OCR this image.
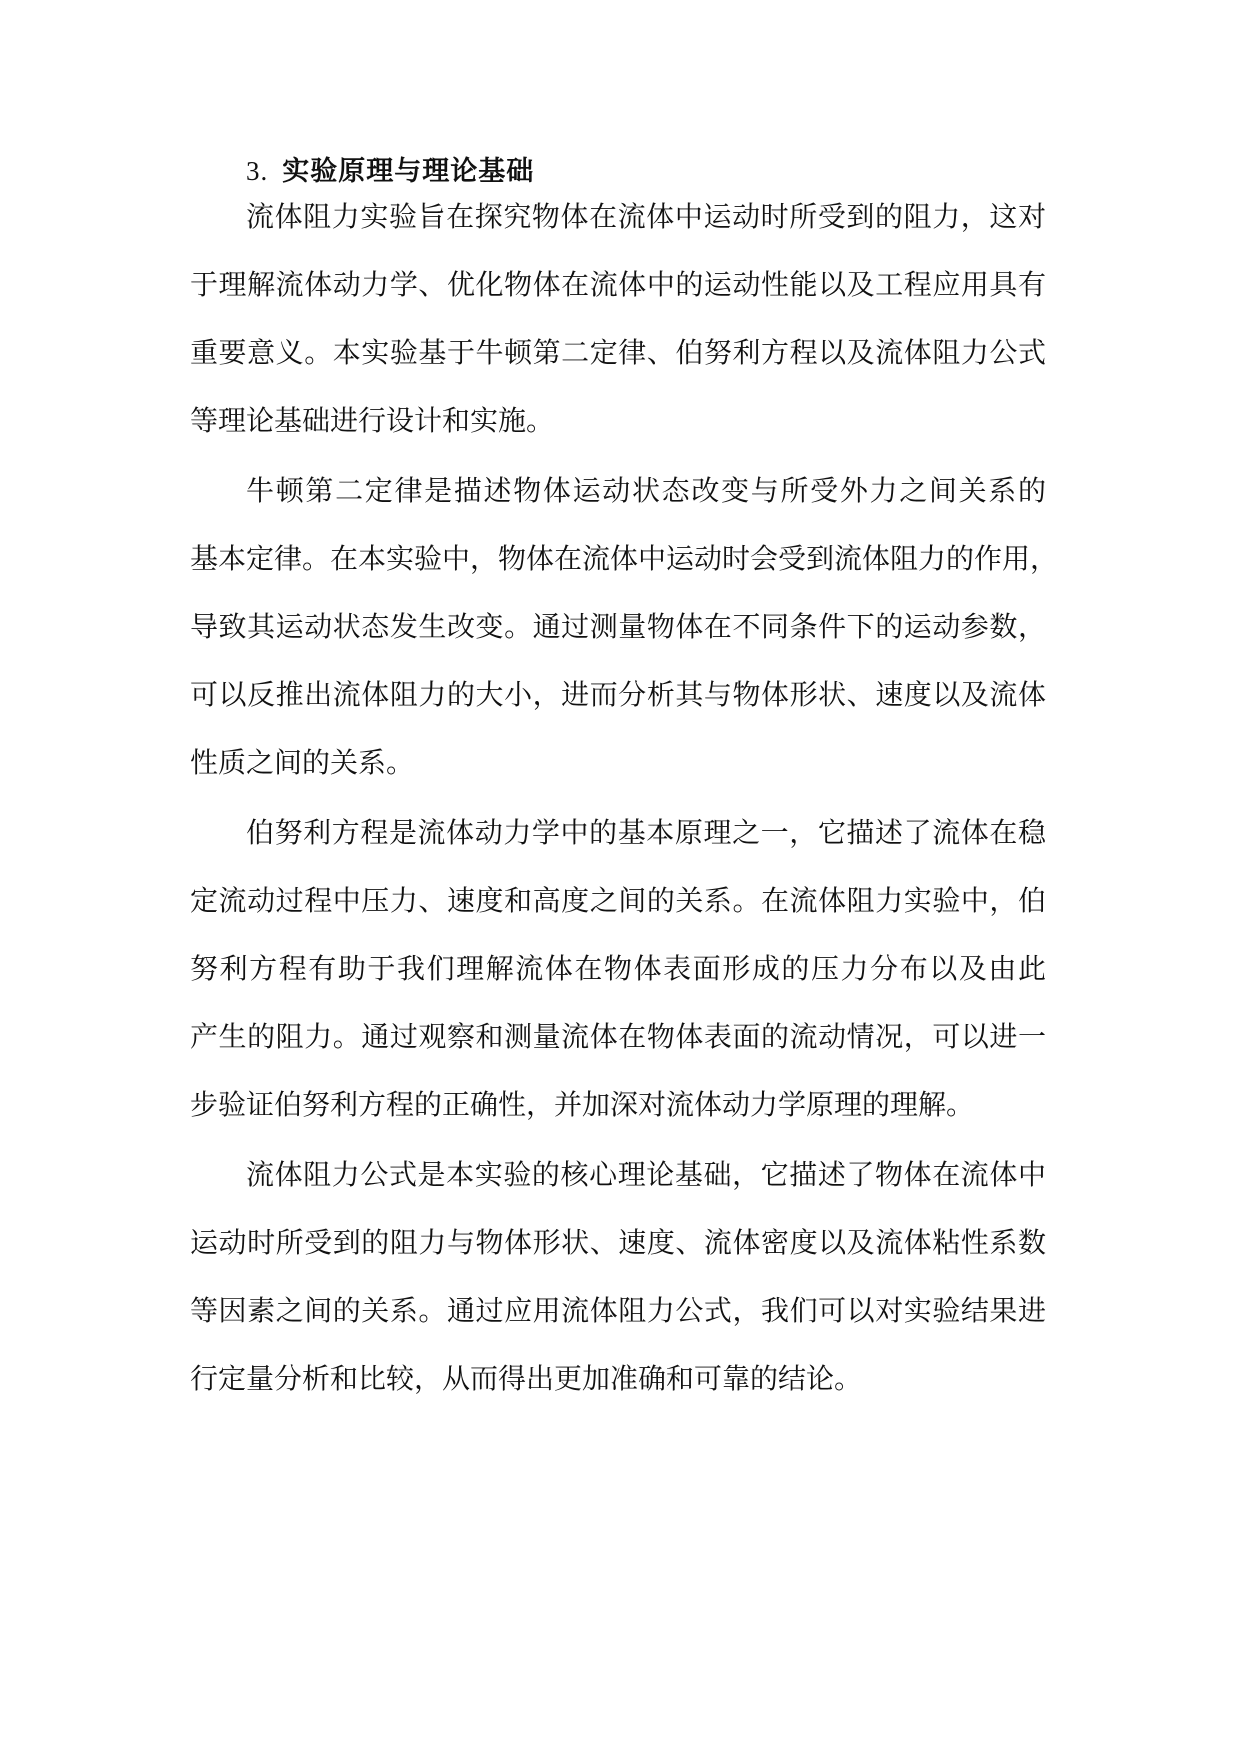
3. 实验原理与理论基础
流体阻力实验旨在探究物体在流体中运动时所受到的阻力，这对
于理解流体动力学、优化物体在流体中的运动性能以及工程应用具有
重要意义。本实验基于牛顿第二定律、伯努利方程以及流体阻力公式
等理论基础进行设计和实施。
牛顿第二定律是描述物体运动状态改变与所受外力之间关系的
基本定律。在本实验中，物体在流体中运动时会受到流体阻力的作用，
导致其运动状态发生改变。通过测量物体在不同条件下的运动参数，
可以反推出流体阻力的大小，进而分析其与物体形状、速度以及流体
性质之间的关系。
伯努利方程是流体动力学中的基本原理之一，它描述了流体在稳
定流动过程中压力、速度和高度之间的关系。在流体阻力实验中，伯
努利方程有助于我们理解流体在物体表面形成的压力分布以及由此
产生的阻力。通过观察和测量流体在物体表面的流动情况，可以进一
步验证伯努利方程的正确性，并加深对流体动力学原理的理解。
流体阻力公式是本实验的核心理论基础，它描述了物体在流体中
运动时所受到的阻力与物体形状、速度、流体密度以及流体粘性系数
等因素之间的关系。通过应用流体阻力公式，我们可以对实验结果进
行定量分析和比较，从而得出更加准确和可靠的结论。
